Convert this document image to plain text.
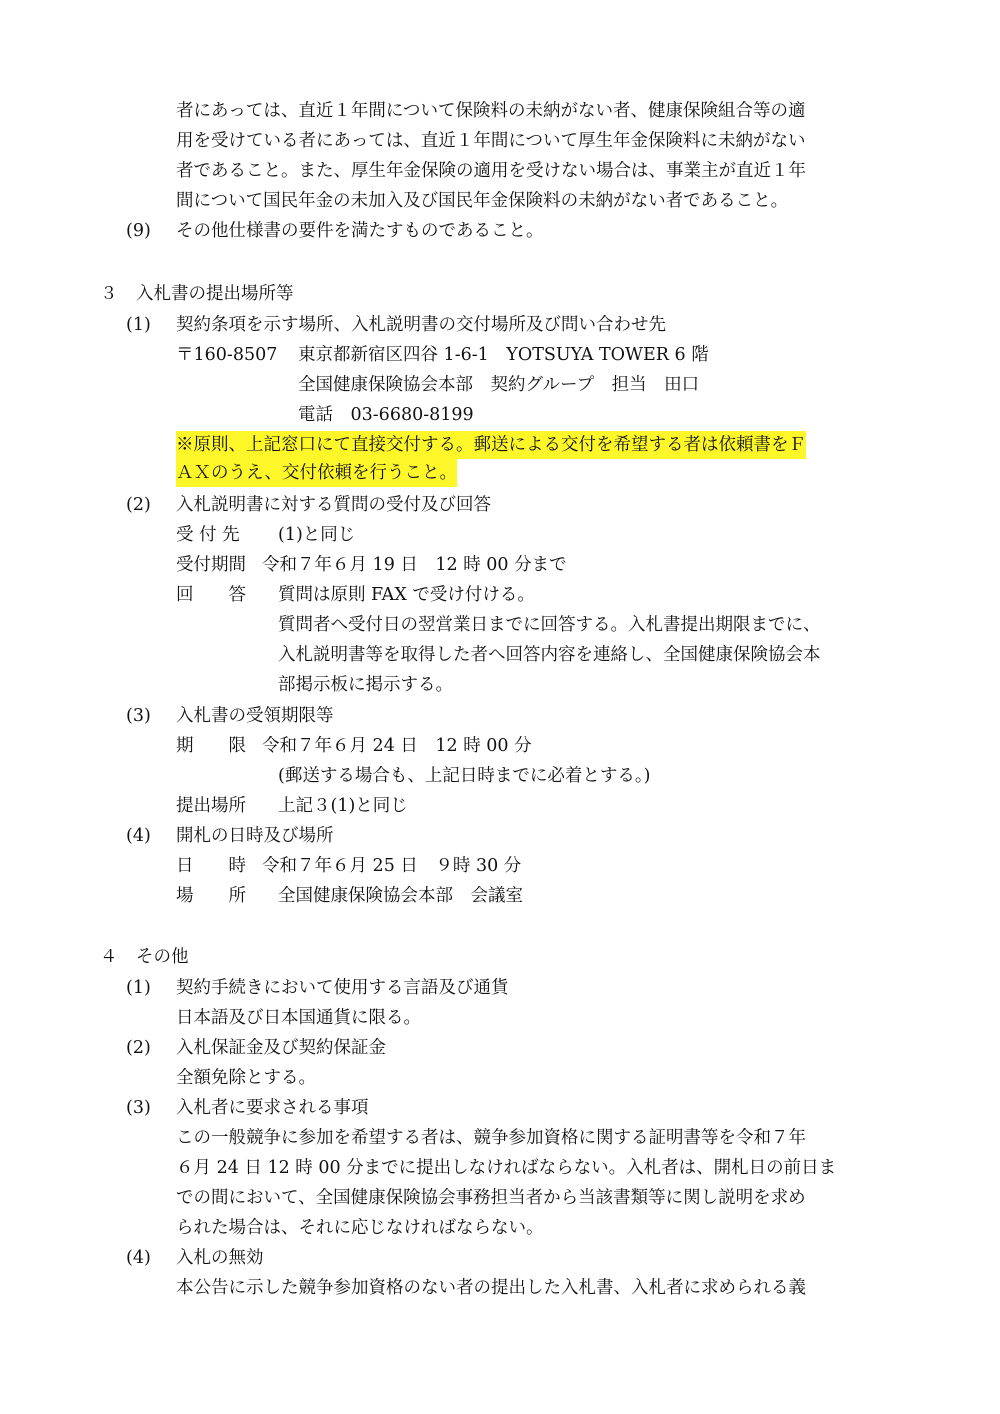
者にあっては、直近１年間について保険料の未納がない者、健康保険組合等の適
用を受けている者にあっては、直近１年間について厚生年金保険料に未納がない
者であること。また、厚生年金保険の適用を受けない場合は、事業主が直近１年
間について国民年金の未加入及び国民年金保険料の未納がない者であること。
(9) その他仕様書の要件を満たすものであること。
３ 入札書の提出場所等
(1) 契約条項を示す場所、入札説明書の交付場所及び問い合わせ先
〒160-8507 東京都新宿区四谷 1-6-1　YOTSUYA TOWER 6 階
全国健康保険協会本部　契約グループ　担当　田口
電話　03-6680-8199
※原則、上記窓口にて直接交付する。郵送による交付を希望する者は依頼書をＦ
ＡＸのうえ、交付依頼を行うこと。
(2) 入札説明書に対する質問の受付及び回答
受 付 先 (1)と同じ
受付期間 令和７年６月 19 日　12 時 00 分まで
回　　答 質問は原則 FAX で受け付ける。
質問者へ受付日の翌営業日までに回答する。入札書提出期限までに、
入札説明書等を取得した者へ回答内容を連絡し、全国健康保険協会本
部掲示板に掲示する。
(3) 入札書の受領期限等
期　　限 令和７年６月 24 日　12 時 00 分
(郵送する場合も、上記日時までに必着とする。)
提出場所 上記３(1)と同じ
(4) 開札の日時及び場所
日　　時 令和７年６月 25 日　９時 30 分
場　　所 全国健康保険協会本部　会議室
４ その他
(1) 契約手続きにおいて使用する言語及び通貨
日本語及び日本国通貨に限る。
(2) 入札保証金及び契約保証金
全額免除とする。
(3) 入札者に要求される事項
この一般競争に参加を希望する者は、競争参加資格に関する証明書等を令和７年
６月 24 日 12 時 00 分までに提出しなければならない。入札者は、開札日の前日ま
での間において、全国健康保険協会事務担当者から当該書類等に関し説明を求め
られた場合は、それに応じなければならない。
(4) 入札の無効
本公告に示した競争参加資格のない者の提出した入札書、入札者に求められる義
